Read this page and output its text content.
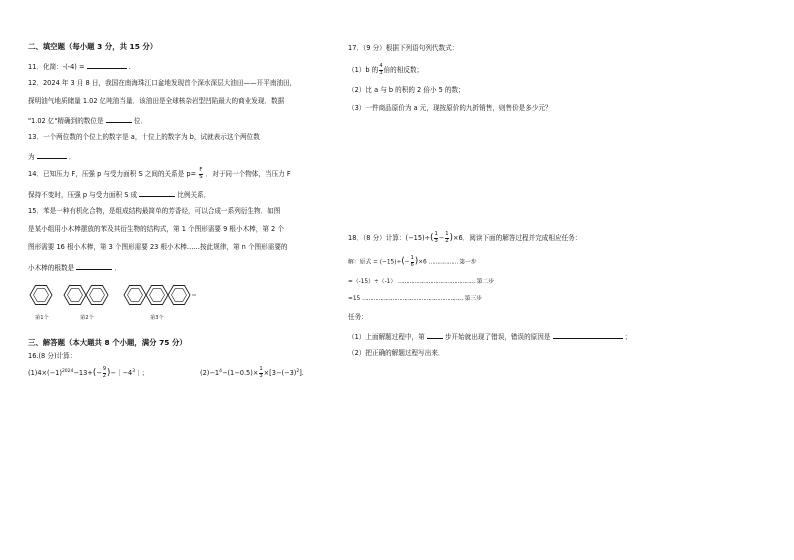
二、填空题（每小题 3 分，共 15 分）
11．化简：-(-4) =	.
12．2024 年 3 月 8 日，我国在南海珠江口盆地发现首个深水深层大油田——开平南油田，
探明油气地质储量 1.02 亿吨油当量．该油田是全球核杂岩型凹陷最大的商业发现．数据
"1.02 亿"精确到的数位是	位．
13．一个两位数的个位上的数字是 a，十位上的数字为 b，试就表示这个两位数
为	．
14．已知压力 F，压强 p 与受力面积 S 之间的关系是 $p= \frac{F}{S}$ ．对于同一个物体，当压力 F
保持不变时，压强 p 与受力面积 S 成	比例关系．
15．苯是一种有机化合物，是组成结构最简单的芳香烃，可以合成一系列衍生物．如图
是某小组用小木棒摆放的苯及其衍生物的结构式，第 1 个图形需要 9 根小木棒，第 2 个
图形需要 16 根小木棒，第 3 个图形需要 23 根小木棒……按此规律，第 n 个图形需要的
小木棒的根数是	．
第1个	第2个	第3个
三、解答题（本大题共 8 个小题，满分 75 分）
16.(8 分)计算：
$(1)4\times(-1)^{2024}-13+(- \frac{9}{2}$ )$-|-4^3|$；	$(2)-1^4-(1-0.5)\times \frac{1}{3} \times[3-(-3)^2]$.
17．（9 分）根据下列语句列代数式：
（1）b 的 $\frac{4}{3}$ 倍的相反数；
（2）比 a 与 b 的积的 2 倍小 5 的数；
（3）一件商品原价为 a 元，现按原价的九折销售，则售价是多少元？
18．（8 分）计算：$(-15)\div( \frac{1}{3} - \frac{1}{2} )\times 6$．阅读下面的解答过程并完成相应任务：
解：原式 = $(-15)\div(- \frac{1}{6} )\times 6$ ……………… 第一步
=（-15）÷（-1） ………………………………………… 第二步
=15 ……………………………………………………… 第三步
任务：
（1）上面解题过程中，第	步开始就出现了错误，错误的原因是	；
（2）把正确的解题过程写出来．
